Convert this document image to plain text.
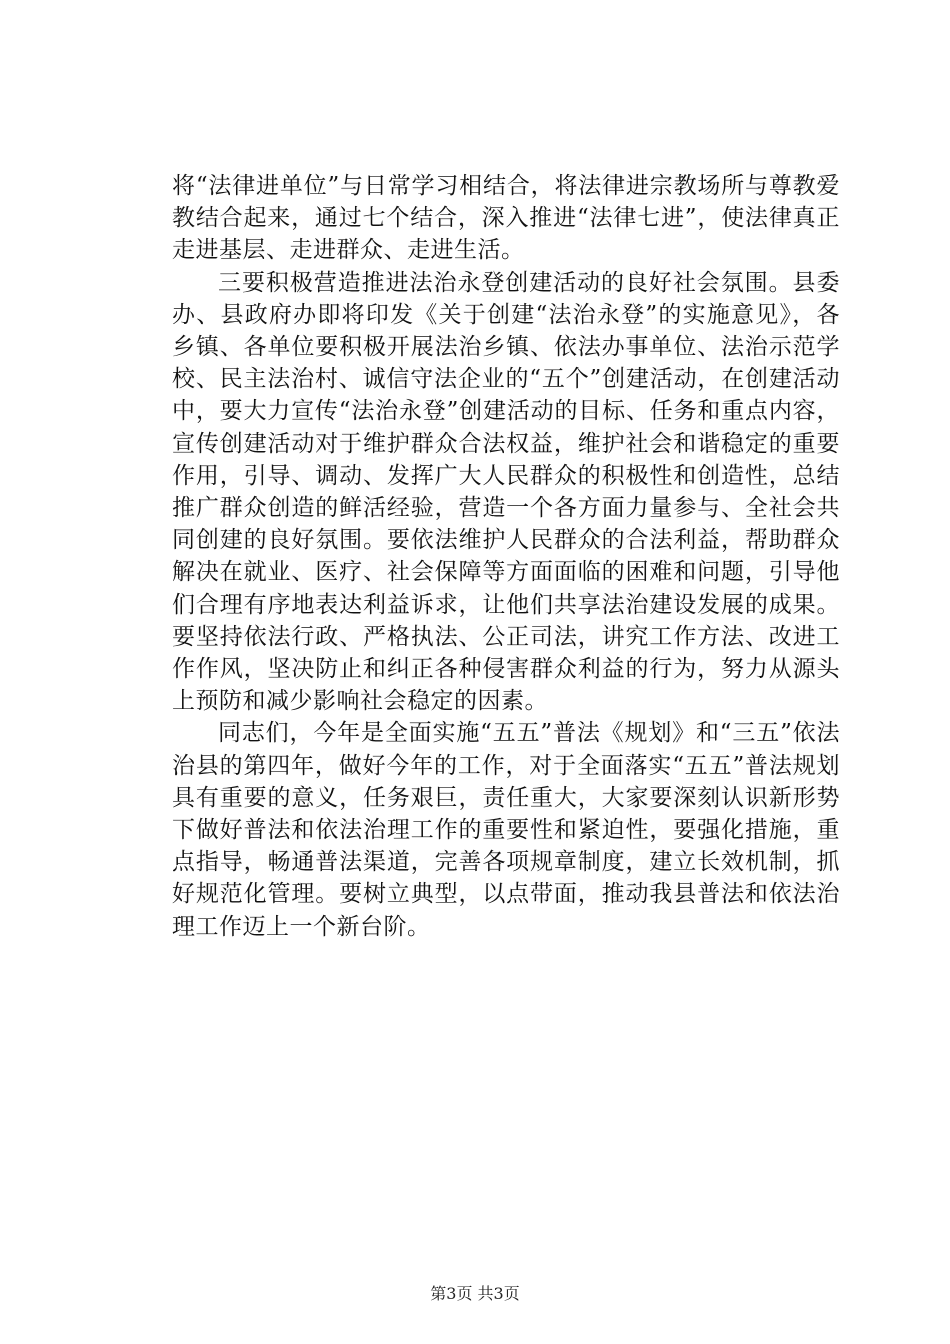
将“法律进单位”与日常学习相结合，将法律进宗教场所与尊教爱教结合起来，通过七个结合，深入推进“法律七进”，使法律真正走进基层、走进群众、走进生活。

三要积极营造推进法治永登创建活动的良好社会氛围。县委办、县政府办即将印发《关于创建“法治永登”的实施意见》，各乡镇、各单位要积极开展法治乡镇、依法办事单位、法治示范学校、民主法治村、诚信守法企业的“五个”创建活动，在创建活动中，要大力宣传“法治永登”创建活动的目标、任务和重点内容，宣传创建活动对于维护群众合法权益，维护社会和谐稳定的重要作用，引导、调动、发挥广大人民群众的积极性和创造性，总结推广群众创造的鲜活经验，营造一个各方面力量参与、全社会共同创建的良好氛围。要依法维护人民群众的合法利益，帮助群众解决在就业、医疗、社会保障等方面面临的困难和问题，引导他们合理有序地表达利益诉求，让他们共享法治建设发展的成果。要坚持依法行政、严格执法、公正司法，讲究工作方法、改进工作作风，坚决防止和纠正各种侵害群众利益的行为，努力从源头上预防和减少影响社会稳定的因素。

同志们，今年是全面实施“五五”普法《规划》和“三五”依法治县的第四年，做好今年的工作，对于全面落实“五五”普法规划具有重要的意义，任务艰巨，责任重大，大家要深刻认识新形势下做好普法和依法治理工作的重要性和紧迫性，要强化措施，重点指导，畅通普法渠道，完善各项规章制度，建立长效机制，抓好规范化管理。要树立典型，以点带面，推动我县普法和依法治理工作迈上一个新台阶。

第3页 共3页
